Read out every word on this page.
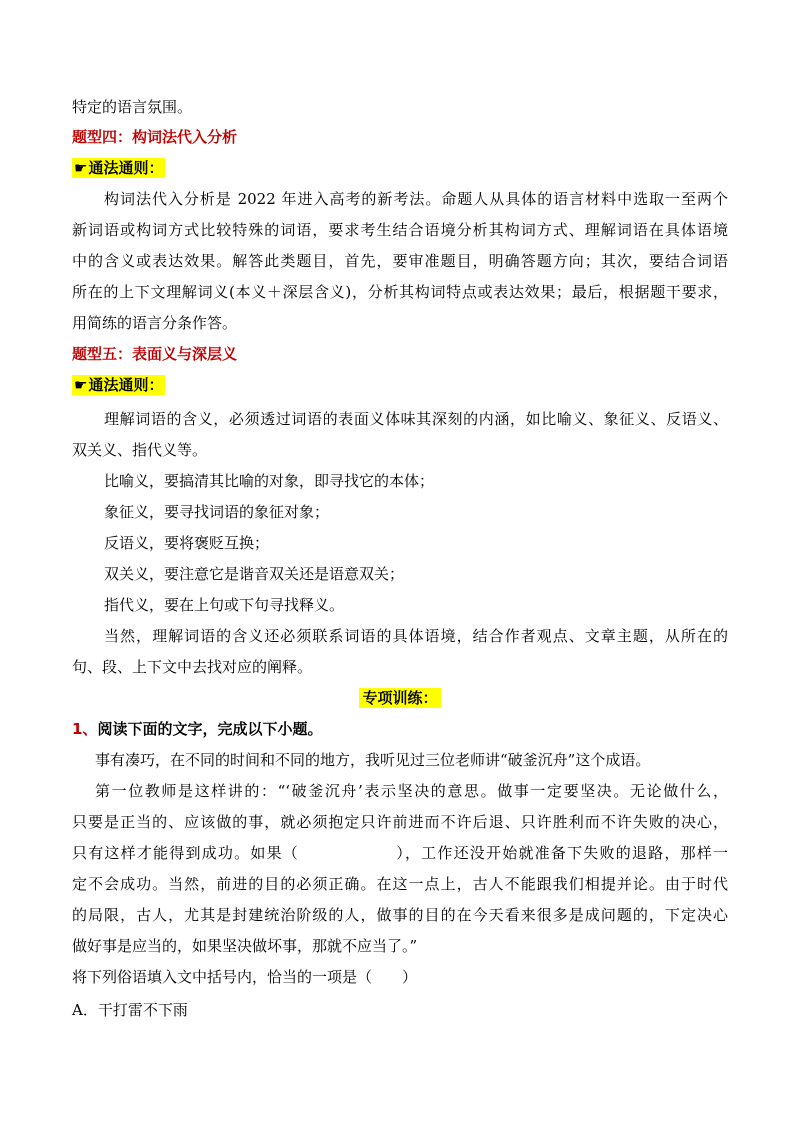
特定的语言氛围。
题型四：构词法代入分析
☛通法通则：
构词法代入分析是 2022 年进入高考的新考法。命题人从具体的语言材料中选取一至两个
新词语或构词方式比较特殊的词语，要求考生结合语境分析其构词方式、理解词语在具体语境
中的含义或表达效果。解答此类题目，首先，要审准题目，明确答题方向；其次，要结合词语
所在的上下文理解词义(本义＋深层含义)，分析其构词特点或表达效果；最后，根据题干要求，
用简练的语言分条作答。
题型五：表面义与深层义
☛通法通则：
理解词语的含义，必须透过词语的表面义体味其深刻的内涵，如比喻义、象征义、反语义、
双关义、指代义等。
比喻义，要搞清其比喻的对象，即寻找它的本体；
象征义，要寻找词语的象征对象；
反语义，要将褒贬互换；
双关义，要注意它是谐音双关还是语意双关；
指代义，要在上句或下句寻找释义。
当然，理解词语的含义还必须联系词语的具体语境，结合作者观点、文章主题，从所在的
句、段、上下文中去找对应的阐释。
专项训练：
1、阅读下面的文字，完成以下小题。
事有凑巧，在不同的时间和不同的地方，我听见过三位老师讲“破釜沉舟”这个成语。
第一位教师是这样讲的：“‘破釜沉舟’表示坚决的意思。做事一定要坚决。无论做什么，
只要是正当的、应该做的事，就必须抱定只许前进而不许后退、只许胜利而不许失败的决心，
只有这样才能得到成功。如果（　　　　　　），工作还没开始就准备下失败的退路，那样一
定不会成功。当然，前进的目的必须正确。在这一点上，古人不能跟我们相提并论。由于时代
的局限，古人，尤其是封建统治阶级的人，做事的目的在今天看来很多是成问题的，下定决心
做好事是应当的，如果坚决做坏事，那就不应当了。”
将下列俗语填入文中括号内，恰当的一项是（　　）
A．干打雷不下雨
